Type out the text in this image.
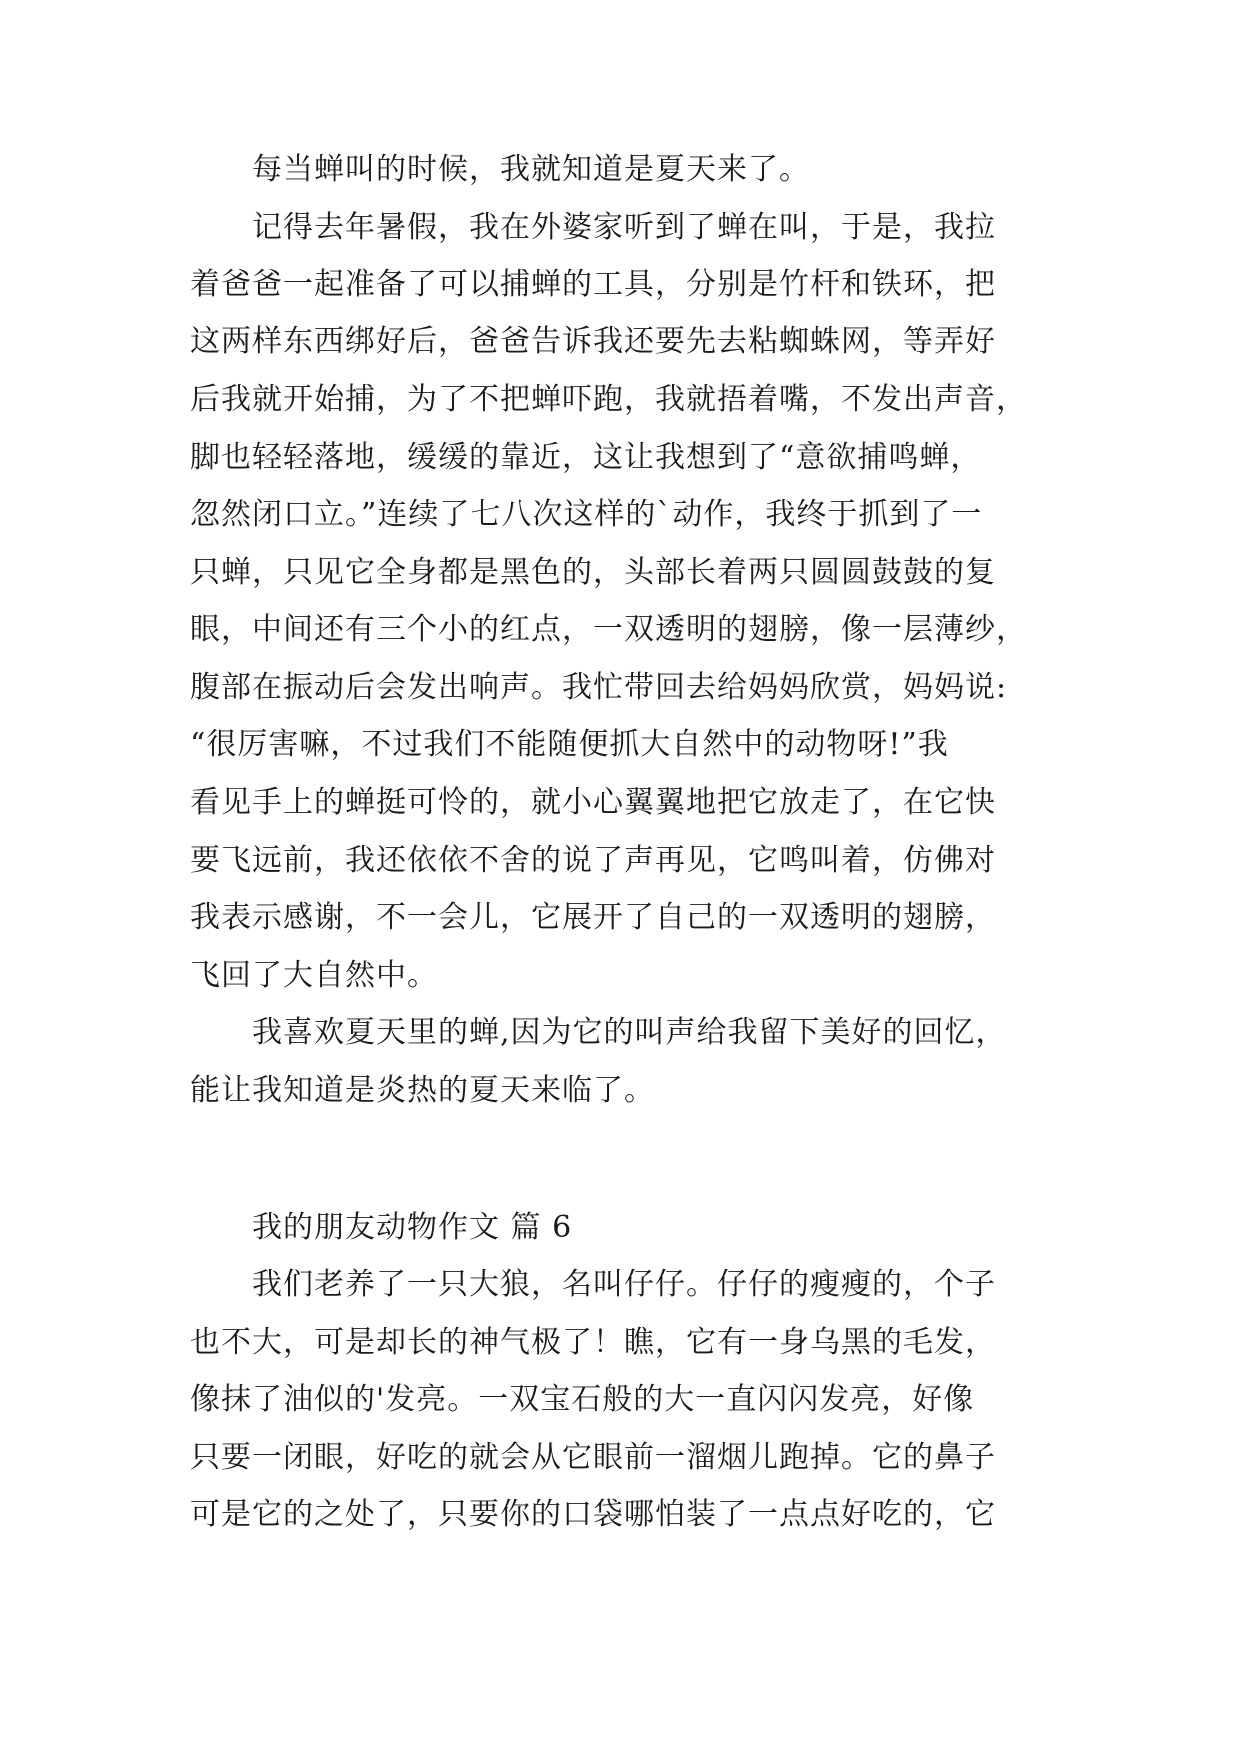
每当蝉叫的时候，我就知道是夏天来了。
记得去年暑假，我在外婆家听到了蝉在叫，于是，我拉
着爸爸一起准备了可以捕蝉的工具，分别是竹杆和铁环，把
这两样东西绑好后，爸爸告诉我还要先去粘蜘蛛网，等弄好
后我就开始捕，为了不把蝉吓跑，我就捂着嘴，不发出声音，
脚也轻轻落地，缓缓的靠近，这让我想到了“意欲捕鸣蝉，
忽然闭口立。”连续了七八次这样的`动作，我终于抓到了一
只蝉，只见它全身都是黑色的，头部长着两只圆圆鼓鼓的复
眼，中间还有三个小的红点，一双透明的翅膀，像一层薄纱，
腹部在振动后会发出响声。我忙带回去给妈妈欣赏，妈妈说:
“很厉害嘛，不过我们不能随便抓大自然中的动物呀!”我
看见手上的蝉挺可怜的，就小心翼翼地把它放走了，在它快
要飞远前，我还依依不舍的说了声再见，它鸣叫着，仿佛对
我表示感谢，不一会儿，它展开了自己的一双透明的翅膀，
飞回了大自然中。
我喜欢夏天里的蝉,因为它的叫声给我留下美好的回忆，
能让我知道是炎热的夏天来临了。
我的朋友动物作文 篇 6
我们老养了一只大狼，名叫仔仔。仔仔的瘦瘦的，个子
也不大，可是却长的神气极了！瞧，它有一身乌黑的毛发，
像抹了油似的'发亮。一双宝石般的大一直闪闪发亮，好像
只要一闭眼，好吃的就会从它眼前一溜烟儿跑掉。它的鼻子
可是它的之处了，只要你的口袋哪怕装了一点点好吃的，它
